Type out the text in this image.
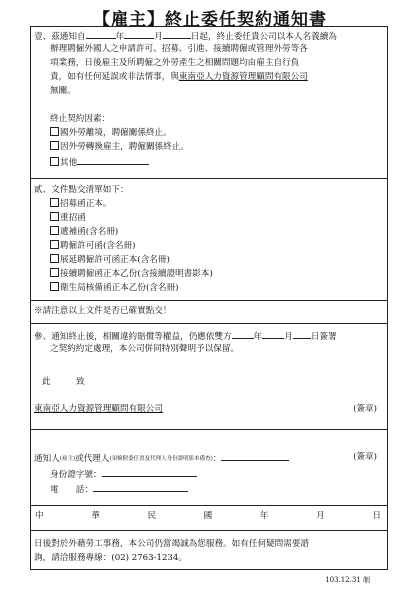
【雇主】終止委任契約通知書
壹、茲通知自	年	月	日起，終止委任貴公司以本人名義續為
辦理聘僱外國人之申請許可、招募、引進、接續聘僱或管理外勞等各
項業務，日後雇主及所聘僱之外勞產生之相關問題均由雇主自行負
責，如有任何延誤或非法情事，與東南亞人力資源管理顧問有限公司
無關。
終止契約因素：
國外勞離境，聘僱關係終止。
因外勞轉換雇主，聘僱關係終止。
其他
貳、文件點交清單如下：
招募函正本。
重招函
遞補函(含名冊)
聘僱許可函(含名冊)
展延聘僱許可函正本(含名冊)
接續聘僱函正本乙份(含接續證明書影本)
衛生局核備函正本乙份(含名冊)
※請注意以上文件是否已確實點交！
參、通知終止後，相關違約賠償等權益，仍應依雙方	年	月 日簽署
之契約約定處理，本公司併同特別聲明予以保留。
此	致
東南亞人力資源管理顧問有限公司	(簽章)
通知人(雇主)或代理人(須檢附委任書及代理人身份證明影本備查)：	(簽章)
身份證字號：
電　　話：
中	華	民	國	年	月	日
日後對於外藉勞工事務，本公司仍當竭誠為您服務。如有任何疑問需要諮
詢，請洽服務專線：(02) 2763-1234。
103.12.31 制
